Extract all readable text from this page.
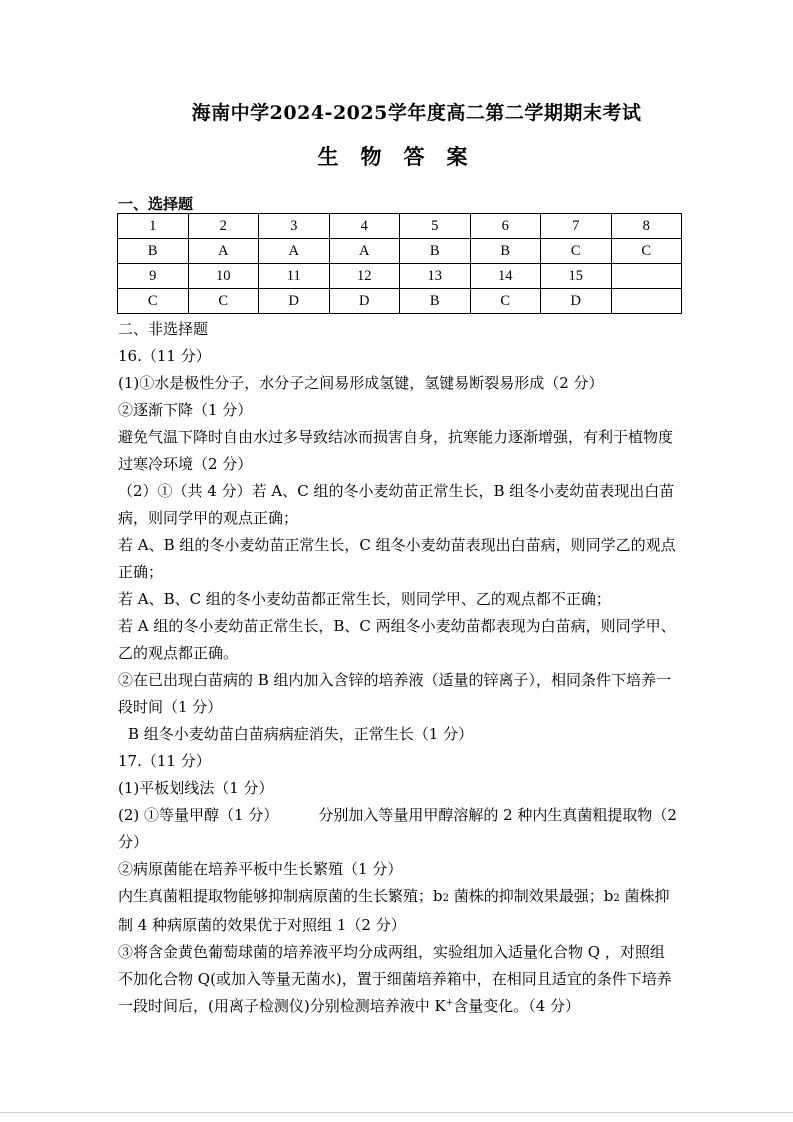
海南中学2024-2025学年度高二第二学期期末考试
生物答案
一、选择题
1	2	3	4	5	6	7	8
B	A	A	A	B	B	C	C
9	10	11	12	13	14	15	
C	C	D	D	B	C	D	

二、非选择题

16.（11 分）

(1)①水是极性分子，水分子之间易形成氢键，氢键易断裂易形成（2 分）

②逐渐下降（1 分）

避免气温下降时自由水过多导致结冰而损害自身，抗寒能力逐渐增强，有利于植物度过寒冷环境（2 分）

（2）①（共 4 分）若 A、C 组的冬小麦幼苗正常生长，B 组冬小麦幼苗表现出白苗病，则同学甲的观点正确；

若 A、B 组的冬小麦幼苗正常生长，C 组冬小麦幼苗表现出白苗病，则同学乙的观点正确；

若 A、B、C 组的冬小麦幼苗都正常生长，则同学甲、乙的观点都不正确；

若 A 组的冬小麦幼苗正常生长，B、C 两组冬小麦幼苗都表现为白苗病，则同学甲、乙的观点都正确。

②在已出现白苗病的 B 组内加入含锌的培养液（适量的锌离子），相同条件下培养一段时间（1 分）

B 组冬小麦幼苗白苗病病症消失，正常生长（1 分）

17.（11 分）

(1)平板划线法（1 分）

(2) ①等量甲醇（1 分）	分别加入等量用甲醇溶解的 2 种内生真菌粗提取物（2 分）

②病原菌能在培养平板中生长繁殖（1 分）

内生真菌粗提取物能够抑制病原菌的生长繁殖；b2 菌株的抑制效果最强；b2 菌株抑制 4 种病原菌的效果优于对照组 1（2 分）

③将含金黄色葡萄球菌的培养液平均分成两组，实验组加入适量化合物 Q ，对照组不加化合物 Q(或加入等量无菌水)，置于细菌培养箱中，在相同且适宜的条件下培养一段时间后，(用离子检测仪)分别检测培养液中 K+含量变化。（4 分）
